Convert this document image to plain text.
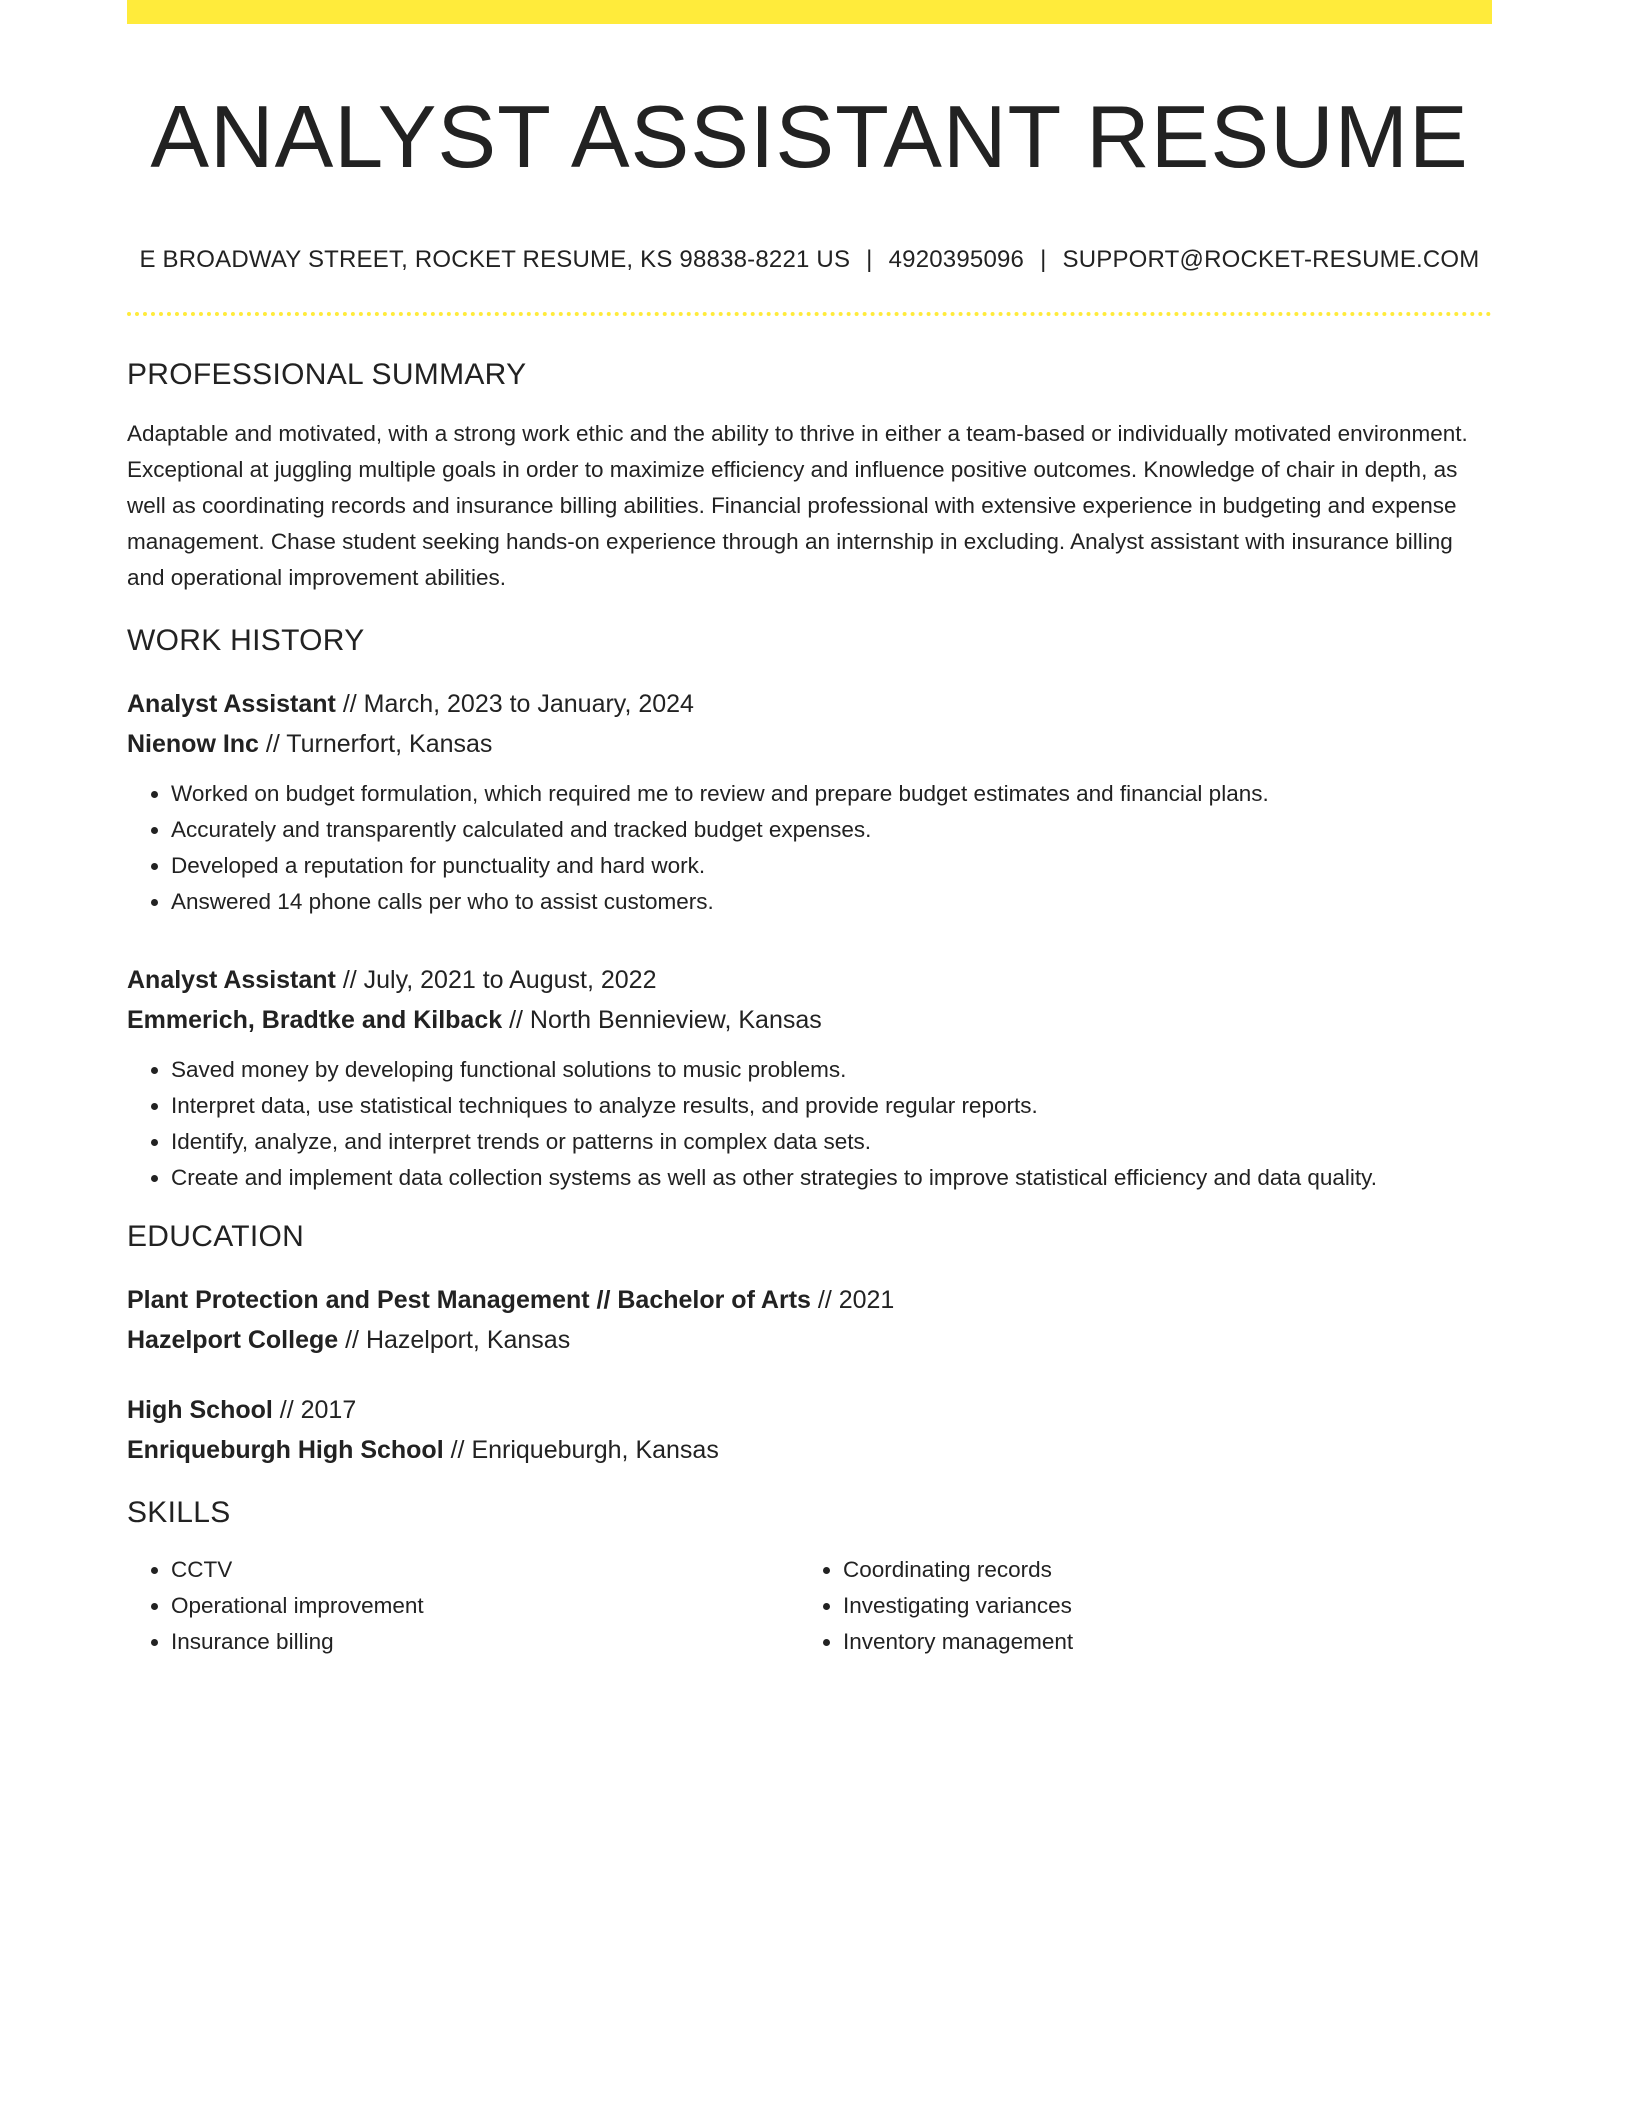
ANALYST ASSISTANT RESUME
E BROADWAY STREET, ROCKET RESUME, KS 98838-8221 US | 4920395096 | SUPPORT@ROCKET-RESUME.COM
PROFESSIONAL SUMMARY
Adaptable and motivated, with a strong work ethic and the ability to thrive in either a team-based or individually motivated environment. Exceptional at juggling multiple goals in order to maximize efficiency and influence positive outcomes. Knowledge of chair in depth, as well as coordinating records and insurance billing abilities. Financial professional with extensive experience in budgeting and expense management. Chase student seeking hands-on experience through an internship in excluding. Analyst assistant with insurance billing and operational improvement abilities.
WORK HISTORY
Analyst Assistant // March, 2023 to January, 2024
Nienow Inc // Turnerfort, Kansas
• Worked on budget formulation, which required me to review and prepare budget estimates and financial plans.
• Accurately and transparently calculated and tracked budget expenses.
• Developed a reputation for punctuality and hard work.
• Answered 14 phone calls per who to assist customers.
Analyst Assistant // July, 2021 to August, 2022
Emmerich, Bradtke and Kilback // North Bennieview, Kansas
• Saved money by developing functional solutions to music problems.
• Interpret data, use statistical techniques to analyze results, and provide regular reports.
• Identify, analyze, and interpret trends or patterns in complex data sets.
• Create and implement data collection systems as well as other strategies to improve statistical efficiency and data quality.
EDUCATION
Plant Protection and Pest Management // Bachelor of Arts // 2021
Hazelport College // Hazelport, Kansas
High School // 2017
Enriqueburgh High School // Enriqueburgh, Kansas
SKILLS
• CCTV
• Operational improvement
• Insurance billing
• Coordinating records
• Investigating variances
• Inventory management
